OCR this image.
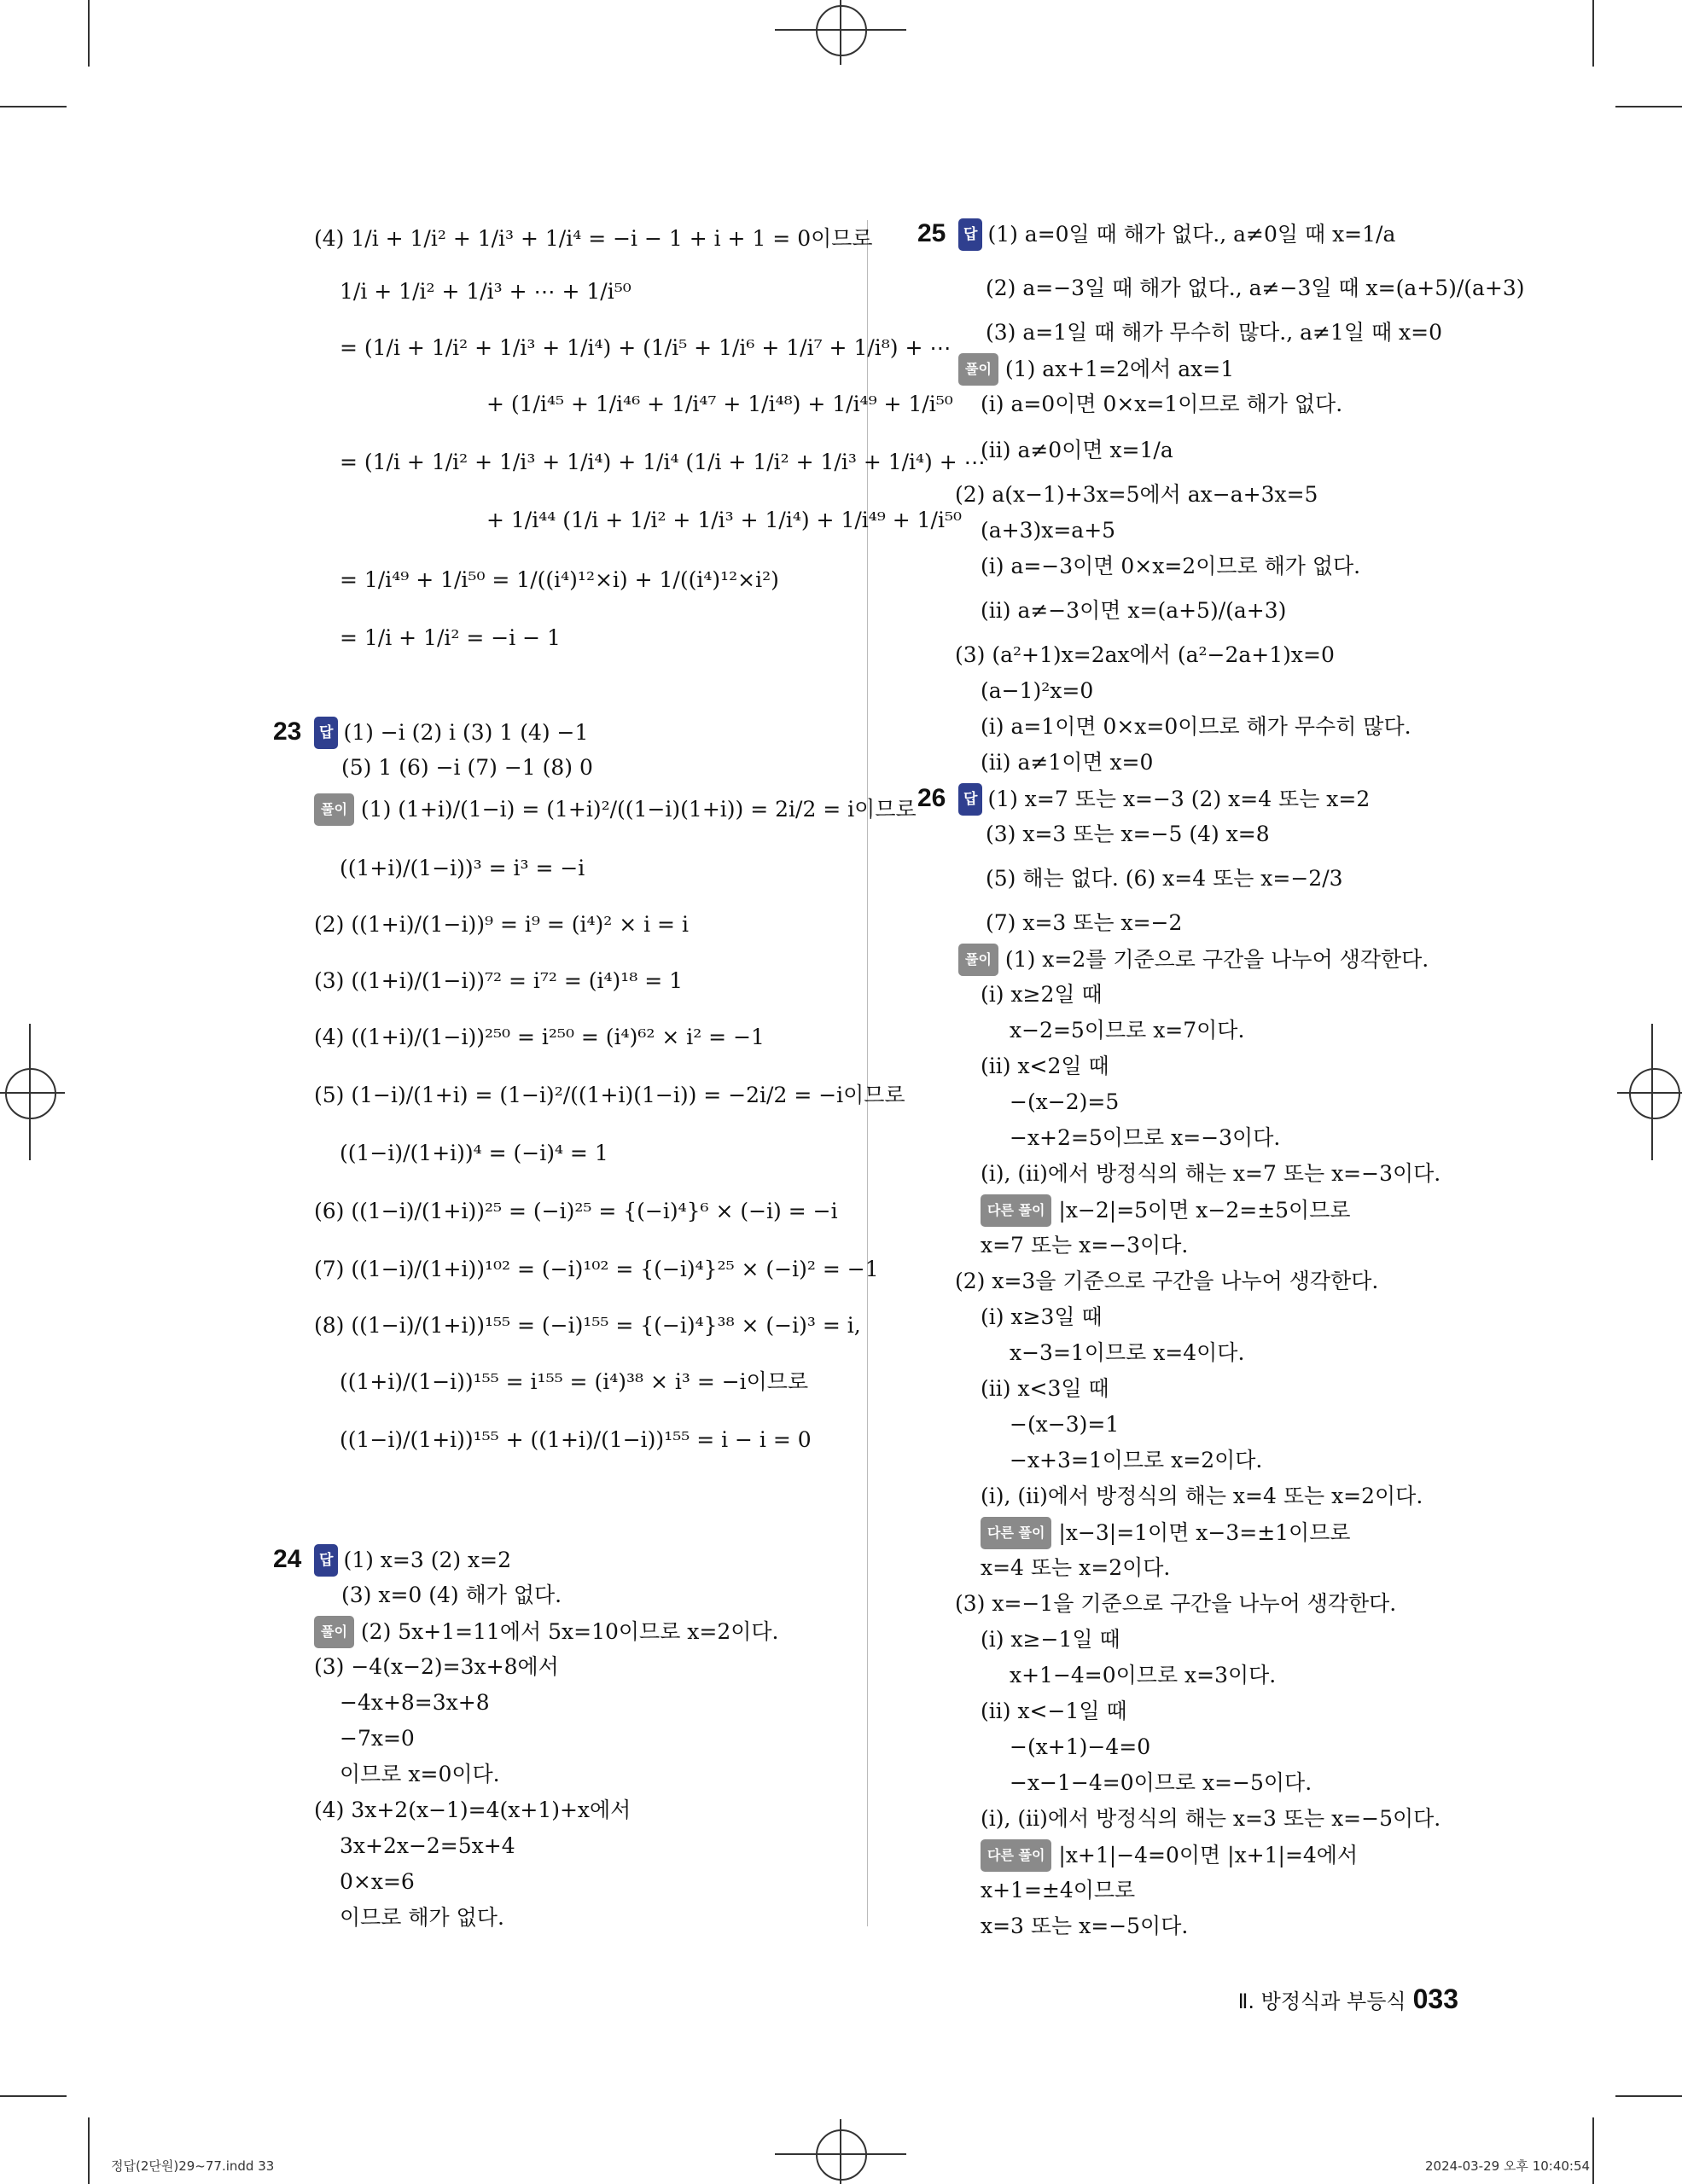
(4) 1/i + 1/i² + 1/i³ + 1/i⁴ = −i − 1 + i + 1 = 0이므로
1/i + 1/i² + 1/i³ + ⋯ + 1/i⁵⁰
= (1/i + 1/i² + 1/i³ + 1/i⁴) + (1/i⁵ + 1/i⁶ + 1/i⁷ + 1/i⁸) + ⋯
+ (1/i⁴⁵ + 1/i⁴⁶ + 1/i⁴⁷ + 1/i⁴⁸) + 1/i⁴⁹ + 1/i⁵⁰
= (1/i + 1/i² + 1/i³ + 1/i⁴) + 1/i⁴ (1/i + 1/i² + 1/i³ + 1/i⁴) + ⋯
+ 1/i⁴⁴ (1/i + 1/i² + 1/i³ + 1/i⁴) + 1/i⁴⁹ + 1/i⁵⁰
= 1/i⁴⁹ + 1/i⁵⁰ = 1/((i⁴)¹²×i) + 1/((i⁴)¹²×i²)
= 1/i + 1/i² = −i − 1
23	답 (1) −i (2) i (3) 1 (4) −1
(5) 1 (6) −i (7) −1 (8) 0
풀이 (1) (1+i)/(1−i) = (1+i)²/((1−i)(1+i)) = 2i/2 = i이므로
((1+i)/(1−i))³ = i³ = −i
(2) ((1+i)/(1−i))⁹ = i⁹ = (i⁴)² × i = i
(3) ((1+i)/(1−i))⁷² = i⁷² = (i⁴)¹⁸ = 1
(4) ((1+i)/(1−i))²⁵⁰ = i²⁵⁰ = (i⁴)⁶² × i² = −1
(5) (1−i)/(1+i) = (1−i)²/((1+i)(1−i)) = −2i/2 = −i이므로
((1−i)/(1+i))⁴ = (−i)⁴ = 1
(6) ((1−i)/(1+i))²⁵ = (−i)²⁵ = {(−i)⁴}⁶ × (−i) = −i
(7) ((1−i)/(1+i))¹⁰² = (−i)¹⁰² = {(−i)⁴}²⁵ × (−i)² = −1
(8) ((1−i)/(1+i))¹⁵⁵ = (−i)¹⁵⁵ = {(−i)⁴}³⁸ × (−i)³ = i,
((1+i)/(1−i))¹⁵⁵ = i¹⁵⁵ = (i⁴)³⁸ × i³ = −i이므로
((1−i)/(1+i))¹⁵⁵ + ((1+i)/(1−i))¹⁵⁵ = i − i = 0
24	답 (1) x=3 (2) x=2
(3) x=0 (4) 해가 없다.
풀이 (2) 5x+1=11에서 5x=10이므로 x=2이다.
(3) −4(x−2)=3x+8에서
−4x+8=3x+8
−7x=0
이므로 x=0이다.
(4) 3x+2(x−1)=4(x+1)+x에서
3x+2x−2=5x+4
0×x=6
이므로 해가 없다.
25	답 (1) a=0일 때 해가 없다., a≠0일 때 x=1/a
(2) a=−3일 때 해가 없다., a≠−3일 때 x=(a+5)/(a+3)
(3) a=1일 때 해가 무수히 많다., a≠1일 때 x=0
풀이 (1) ax+1=2에서 ax=1
(ⅰ) a=0이면 0×x=1이므로 해가 없다.
(ⅱ) a≠0이면 x=1/a
(2) a(x−1)+3x=5에서 ax−a+3x=5
(a+3)x=a+5
(ⅰ) a=−3이면 0×x=2이므로 해가 없다.
(ⅱ) a≠−3이면 x=(a+5)/(a+3)
(3) (a²+1)x=2ax에서 (a²−2a+1)x=0
(a−1)²x=0
(ⅰ) a=1이면 0×x=0이므로 해가 무수히 많다.
(ⅱ) a≠1이면 x=0
26	답 (1) x=7 또는 x=−3 (2) x=4 또는 x=2
(3) x=3 또는 x=−5 (4) x=8
(5) 해는 없다. (6) x=4 또는 x=−2/3
(7) x=3 또는 x=−2
풀이 (1) x=2를 기준으로 구간을 나누어 생각한다.
(ⅰ) x≥2일 때
x−2=5이므로 x=7이다.
(ⅱ) x<2일 때
−(x−2)=5
−x+2=5이므로 x=−3이다.
(ⅰ), (ⅱ)에서 방정식의 해는 x=7 또는 x=−3이다.
다른 풀이 |x−2|=5이면 x−2=±5이므로
x=7 또는 x=−3이다.
(2) x=3을 기준으로 구간을 나누어 생각한다.
(ⅰ) x≥3일 때
x−3=1이므로 x=4이다.
(ⅱ) x<3일 때
−(x−3)=1
−x+3=1이므로 x=2이다.
(ⅰ), (ⅱ)에서 방정식의 해는 x=4 또는 x=2이다.
다른 풀이 |x−3|=1이면 x−3=±1이므로
x=4 또는 x=2이다.
(3) x=−1을 기준으로 구간을 나누어 생각한다.
(ⅰ) x≥−1일 때
x+1−4=0이므로 x=3이다.
(ⅱ) x<−1일 때
−(x+1)−4=0
−x−1−4=0이므로 x=−5이다.
(ⅰ), (ⅱ)에서 방정식의 해는 x=3 또는 x=−5이다.
다른 풀이 |x+1|−4=0이면 |x+1|=4에서
x+1=±4이므로
x=3 또는 x=−5이다.
Ⅱ. 방정식과 부등식 033
정답(2단원)29~77.indd 33	2024-03-29 오후 10:40:54
